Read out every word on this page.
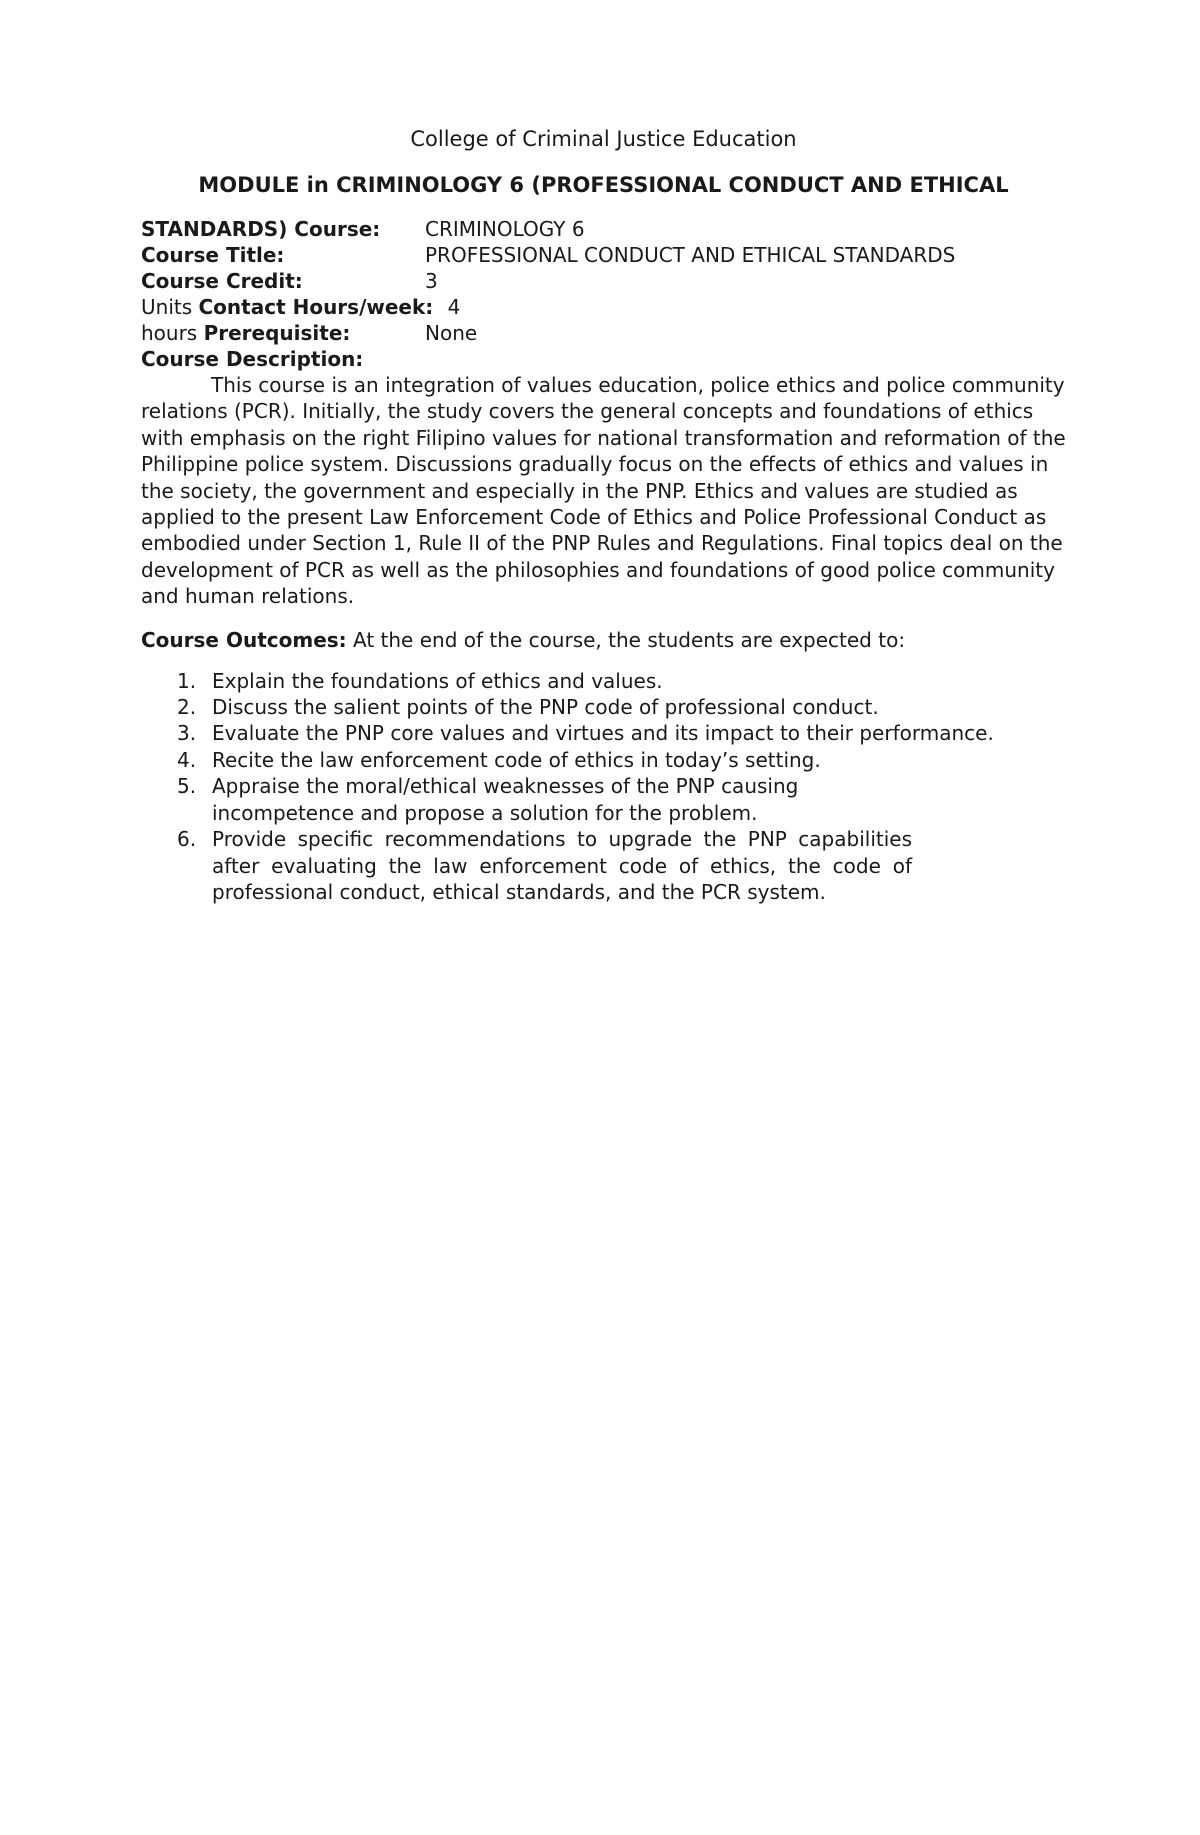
College of Criminal Justice Education
MODULE in CRIMINOLOGY 6 (PROFESSIONAL CONDUCT AND ETHICAL
STANDARDS) Course: CRIMINOLOGY 6
Course Title:	PROFESSIONAL CONDUCT AND ETHICAL STANDARDS
Course Credit:	3
Units Contact Hours/week: 4
hours Prerequisite:	None
Course Description:

This course is an integration of values education, police ethics and police community relations (PCR). Initially, the study covers the general concepts and foundations of ethics with emphasis on the right Filipino values for national transformation and reformation of the Philippine police system. Discussions gradually focus on the effects of ethics and values in the society, the government and especially in the PNP. Ethics and values are studied as applied to the present Law Enforcement Code of Ethics and Police Professional Conduct as embodied under Section 1, Rule II of the PNP Rules and Regulations. Final topics deal on the development of PCR as well as the philosophies and foundations of good police community and human relations.

Course Outcomes: At the end of the course, the students are expected to:
1. Explain the foundations of ethics and values.
2. Discuss the salient points of the PNP code of professional conduct.
3. Evaluate the PNP core values and virtues and its impact to their performance.
4. Recite the law enforcement code of ethics in today’s setting.
5. Appraise the moral/ethical weaknesses of the PNP causing incompetence and propose a solution for the problem.
6. Provide specific recommendations to upgrade the PNP capabilities after evaluating the law enforcement code of ethics, the code of professional conduct, ethical standards, and the PCR system.
